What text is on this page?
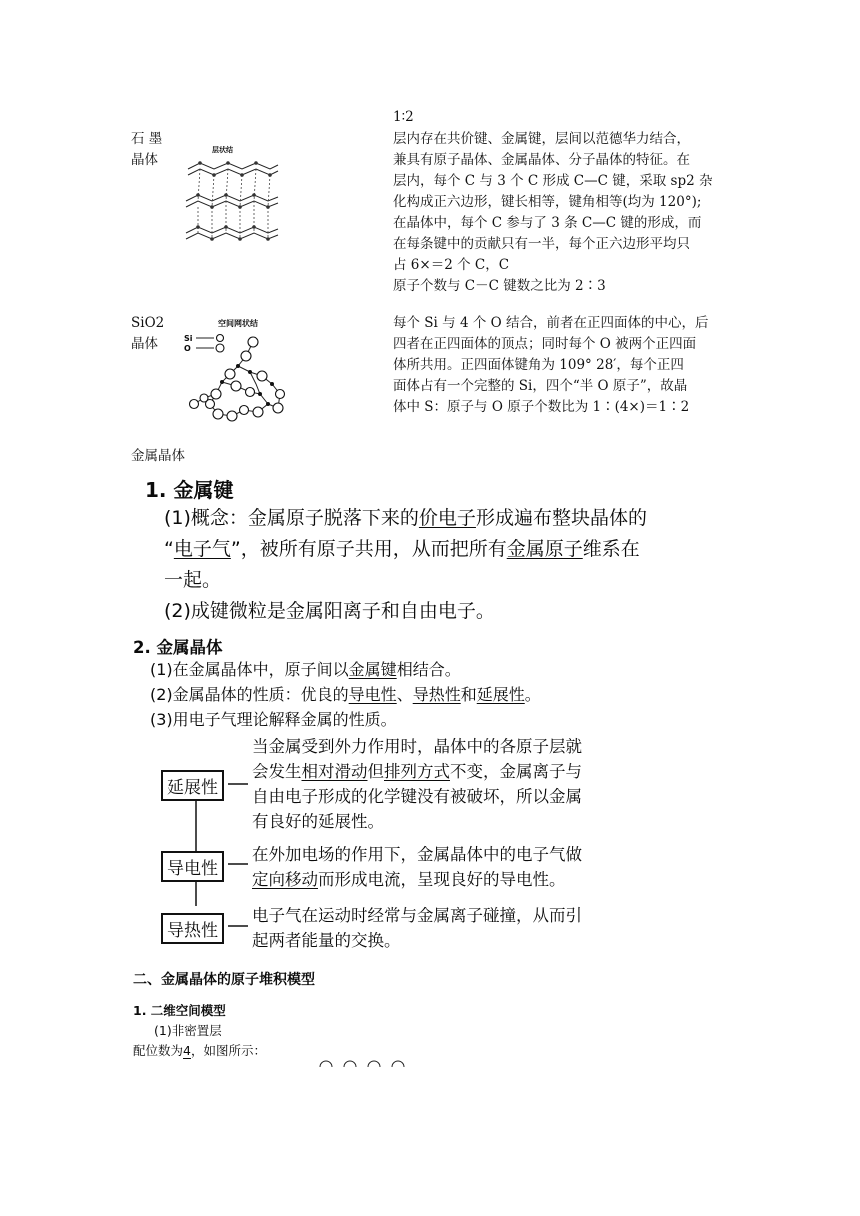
1∶2
石 墨
晶体
层状结
层内存在共价键、金属键，层间以范德华力结合，
兼具有原子晶体、金属晶体、分子晶体的特征。在
层内，每个 C 与 3 个 C 形成 C—C 键，采取 sp2 杂
化构成正六边形，键长相等，键角相等(均为 120°);
在晶体中，每个 C 参与了 3 条 C—C 键的形成，而
在每条键中的贡献只有一半，每个正六边形平均只
占 6×＝2 个 C，C
原子个数与 C－C 键数之比为 2∶3
SiO2
晶体
空间网状结
Si
O
每个 Si 与 4 个 O 结合，前者在正四面体的中心，后
四者在正四面体的顶点；同时每个 O 被两个正四面
体所共用。正四面体键角为 109° 28′，每个正四
面体占有一个完整的 Si，四个“半 O 原子”，故晶
体中 S：原子与 O 原子个数比为 1∶(4×)＝1∶2
金属晶体
1. 金属键
(1)概念：金属原子脱落下来的价电子形成遍布整块晶体的
“电子气”，被所有原子共用，从而把所有金属原子维系在
一起。
(2)成键微粒是金属阳离子和自由电子。
2. 金属晶体
(1)在金属晶体中，原子间以金属键相结合。
(2)金属晶体的性质：优良的导电性、导热性和延展性。
(3)用电子气理论解释金属的性质。
延展性
导电性
导热性
当金属受到外力作用时，晶体中的各原子层就
会发生相对滑动但排列方式不变，金属离子与
自由电子形成的化学键没有被破坏，所以金属
有良好的延展性。
在外加电场的作用下，金属晶体中的电子气做
定向移动而形成电流，呈现良好的导电性。
电子气在运动时经常与金属离子碰撞，从而引
起两者能量的交换。
二、金属晶体的原子堆积模型
1. 二维空间模型
(1)非密置层
配位数为4，如图所示：
